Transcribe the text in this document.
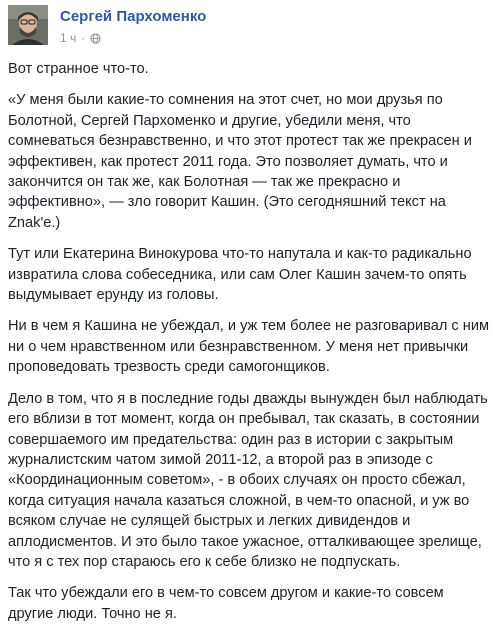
Сергей Пархоменко
1 ч ·

Вот странное что-то.

«У меня были какие-то сомнения на этот счет, но мои друзья по
Болотной, Сергей Пархоменко и другие, убедили меня, что
сомневаться безнравственно, и что этот протест так же прекрасен и
эффективен, как протест 2011 года. Это позволяет думать, что и
закончится он так же, как Болотная — так же прекрасно и
эффективно», — зло говорит Кашин. (Это сегодняшний текст на
Znak'e.)

Тут или Екатерина Винокурова что-то напутала и как-то радикально
извратила слова собеседника, или сам Олег Кашин зачем-то опять
выдумывает ерунду из головы.

Ни в чем я Кашина не убеждал, и уж тем более не разговаривал с ним
ни о чем нравственном или безнравственном. У меня нет привычки
проповедовать трезвость среди самогонщиков.

Дело в том, что я в последние годы дважды вынужден был наблюдать
его вблизи в тот момент, когда он пребывал, так сказать, в состоянии
совершаемого им предательства: один раз в истории с закрытым
журналистским чатом зимой 2011-12, а второй раз в эпизоде с
«Координационным советом», - в обоих случаях он просто сбежал,
когда ситуация начала казаться сложной, в чем-то опасной, и уж во
всяком случае не сулящей быстрых и легких дивидендов и
аплодисментов. И это было такое ужасное, отталкивающее зрелище,
что я с тех пор стараюсь его к себе близко не подпускать.

Так что убеждали его в чем-то совсем другом и какие-то совсем
другие люди. Точно не я.
